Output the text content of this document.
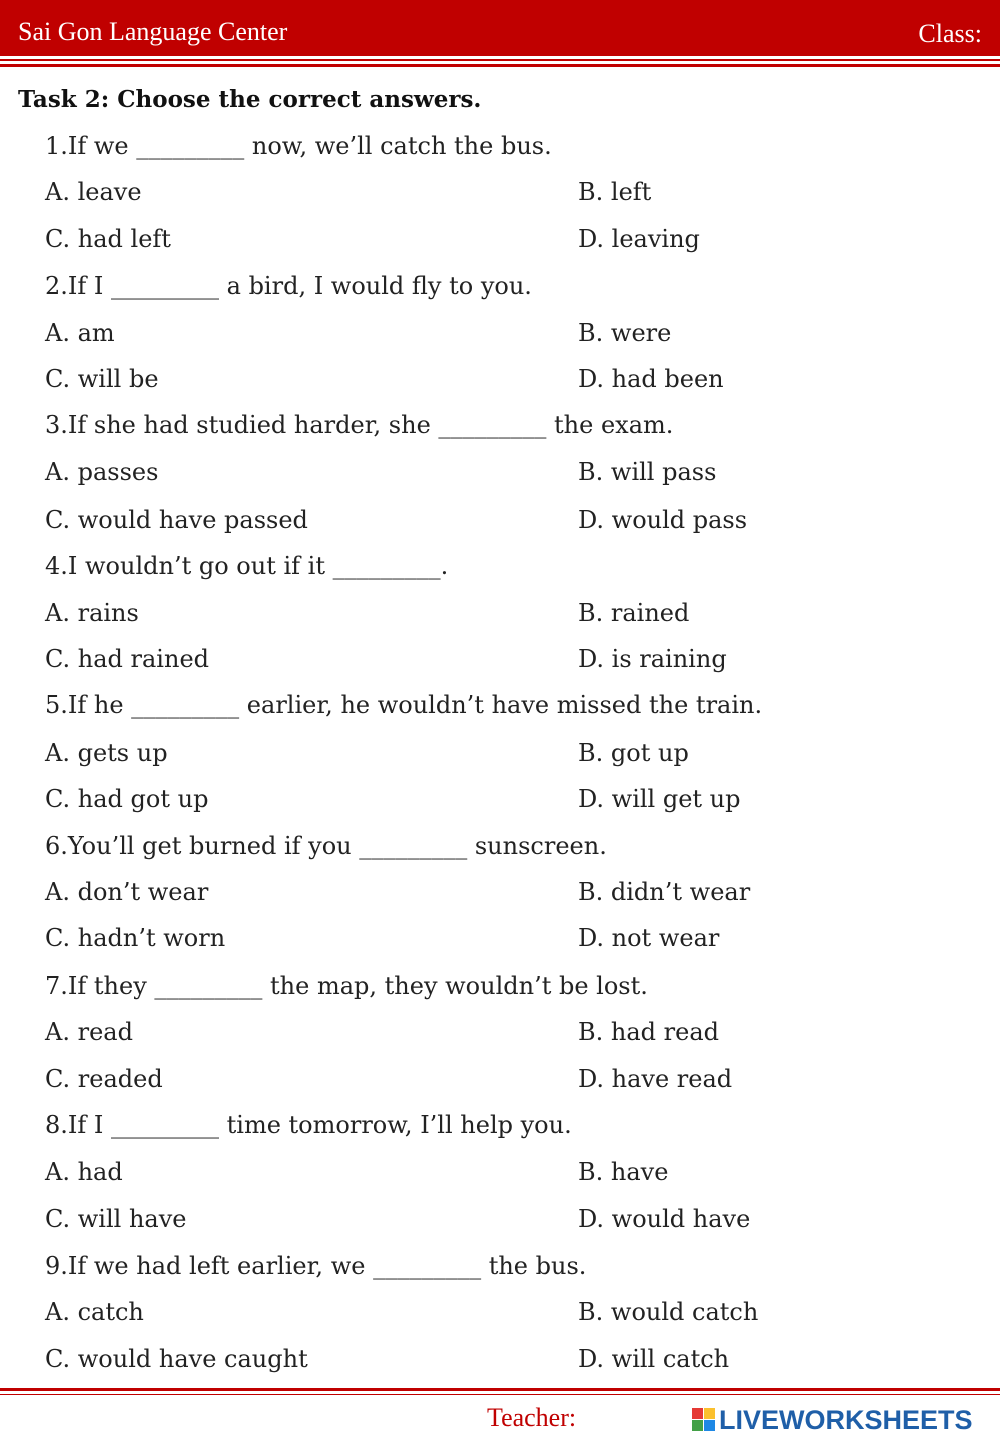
Sai Gon Language Center	Class:
Task 2: Choose the correct answers.
1.If we _________ now, we’ll catch the bus.
A. leave	B. left
C. had left	D. leaving
2.If I _________ a bird, I would fly to you.
A. am	B. were
C. will be	D. had been
3.If she had studied harder, she _________ the exam.
A. passes	B. will pass
C. would have passed	D. would pass
4.I wouldn’t go out if it _________.
A. rains	B. rained
C. had rained	D. is raining
5.If he _________ earlier, he wouldn’t have missed the train.
A. gets up	B. got up
C. had got up	D. will get up
6.You’ll get burned if you _________ sunscreen.
A. don’t wear	B. didn’t wear
C. hadn’t worn	D. not wear
7.If they _________ the map, they wouldn’t be lost.
A. read	B. had read
C. readed	D. have read
8.If I _________ time tomorrow, I’ll help you.
A. had	B. have
C. will have	D. would have
9.If we had left earlier, we _________ the bus.
A. catch	B. would catch
C. would have caught	D. will catch
Teacher:	LIVEWORKSHEETS
